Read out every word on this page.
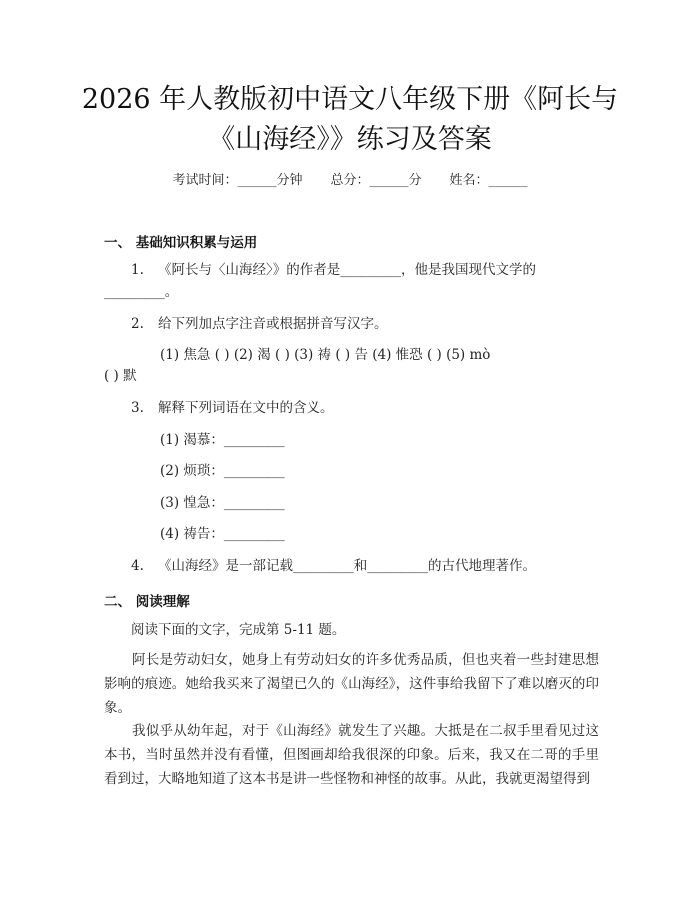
2026 年人教版初中语文八年级下册《阿长与
《山海经》》练习及答案
考试时间：______分钟 总分：______分 姓名：______
一、 基础知识积累与运用
1. 《阿长与〈山海经〉》的作者是_________，他是我国现代文学的
_________。
2. 给下列加点字注音或根据拼音写汉字。
(1) 焦急 ( ) (2) 渴 ( ) (3) 祷 ( ) 告 (4) 惟恐 ( ) (5) mò
( ) 默
3. 解释下列词语在文中的含义。
(1) 渴慕：_________
(2) 烦琐：_________
(3) 惶急：_________
(4) 祷告：_________
4. 《山海经》是一部记载_________和_________的古代地理著作。
二、 阅读理解
阅读下面的文字，完成第 5-11 题。
阿长是劳动妇女，她身上有劳动妇女的许多优秀品质，但也夹着一些封建思想影响的痕迹。她给我买来了渴望已久的《山海经》，这件事给我留下了难以磨灭的印象。
我似乎从幼年起，对于《山海经》就发生了兴趣。大抵是在二叔手里看见过这本书，当时虽然并没有看懂，但图画却给我很深的印象。后来，我又在二哥的手里看到过，大略地知道了这本书是讲一些怪物和神怪的故事。从此，我就更渴望得到
